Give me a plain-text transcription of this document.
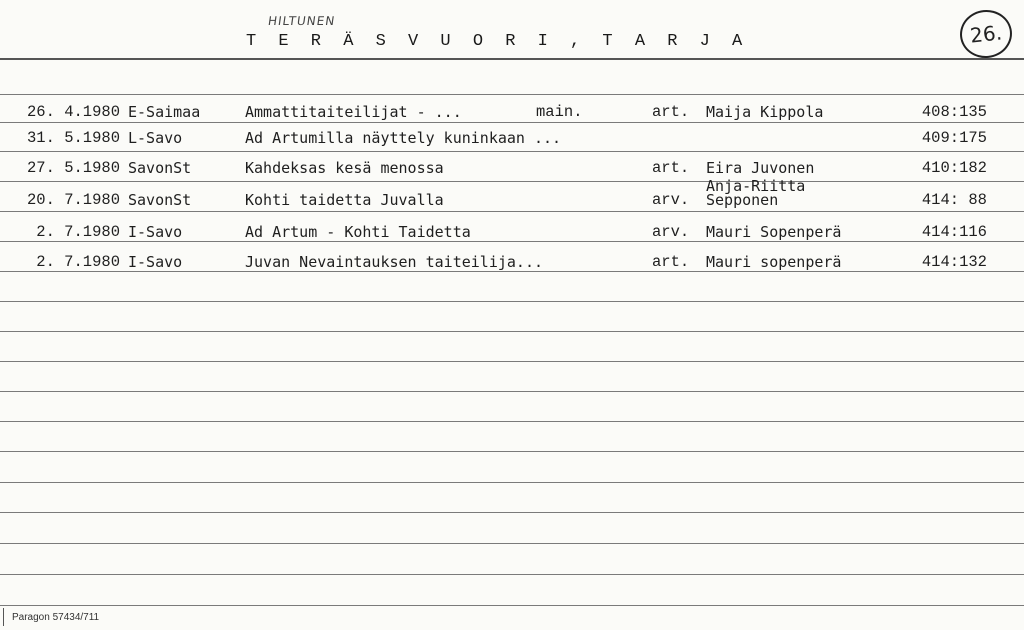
HILTUNEN
T E R Ä S V U O R I , T A R J A	26.
26. 4.1980 E-Saimaa	Ammattitaiteilijat - ...	main.	art. Maija Kippola	408:135
31. 5.1980 L-Savo	Ad Artumilla näyttely kuninkaan ...	409:175
27. 5.1980 SavonSt	Kahdeksas kesä menossa	art. Eira Juvonen	410:182
20. 7.1980 SavonSt	Kohti taidetta Juvalla	arv.
Anja-Riitta
Sepponen	414: 88
2. 7.1980 I-Savo	Ad Artum - Kohti Taidetta	arv. Mauri Sopenperä	414:116
2. 7.1980 I-Savo	Juvan Nevaintauksen taiteilija...	art. Mauri sopenperä	414:132
Paragon 57434/711
